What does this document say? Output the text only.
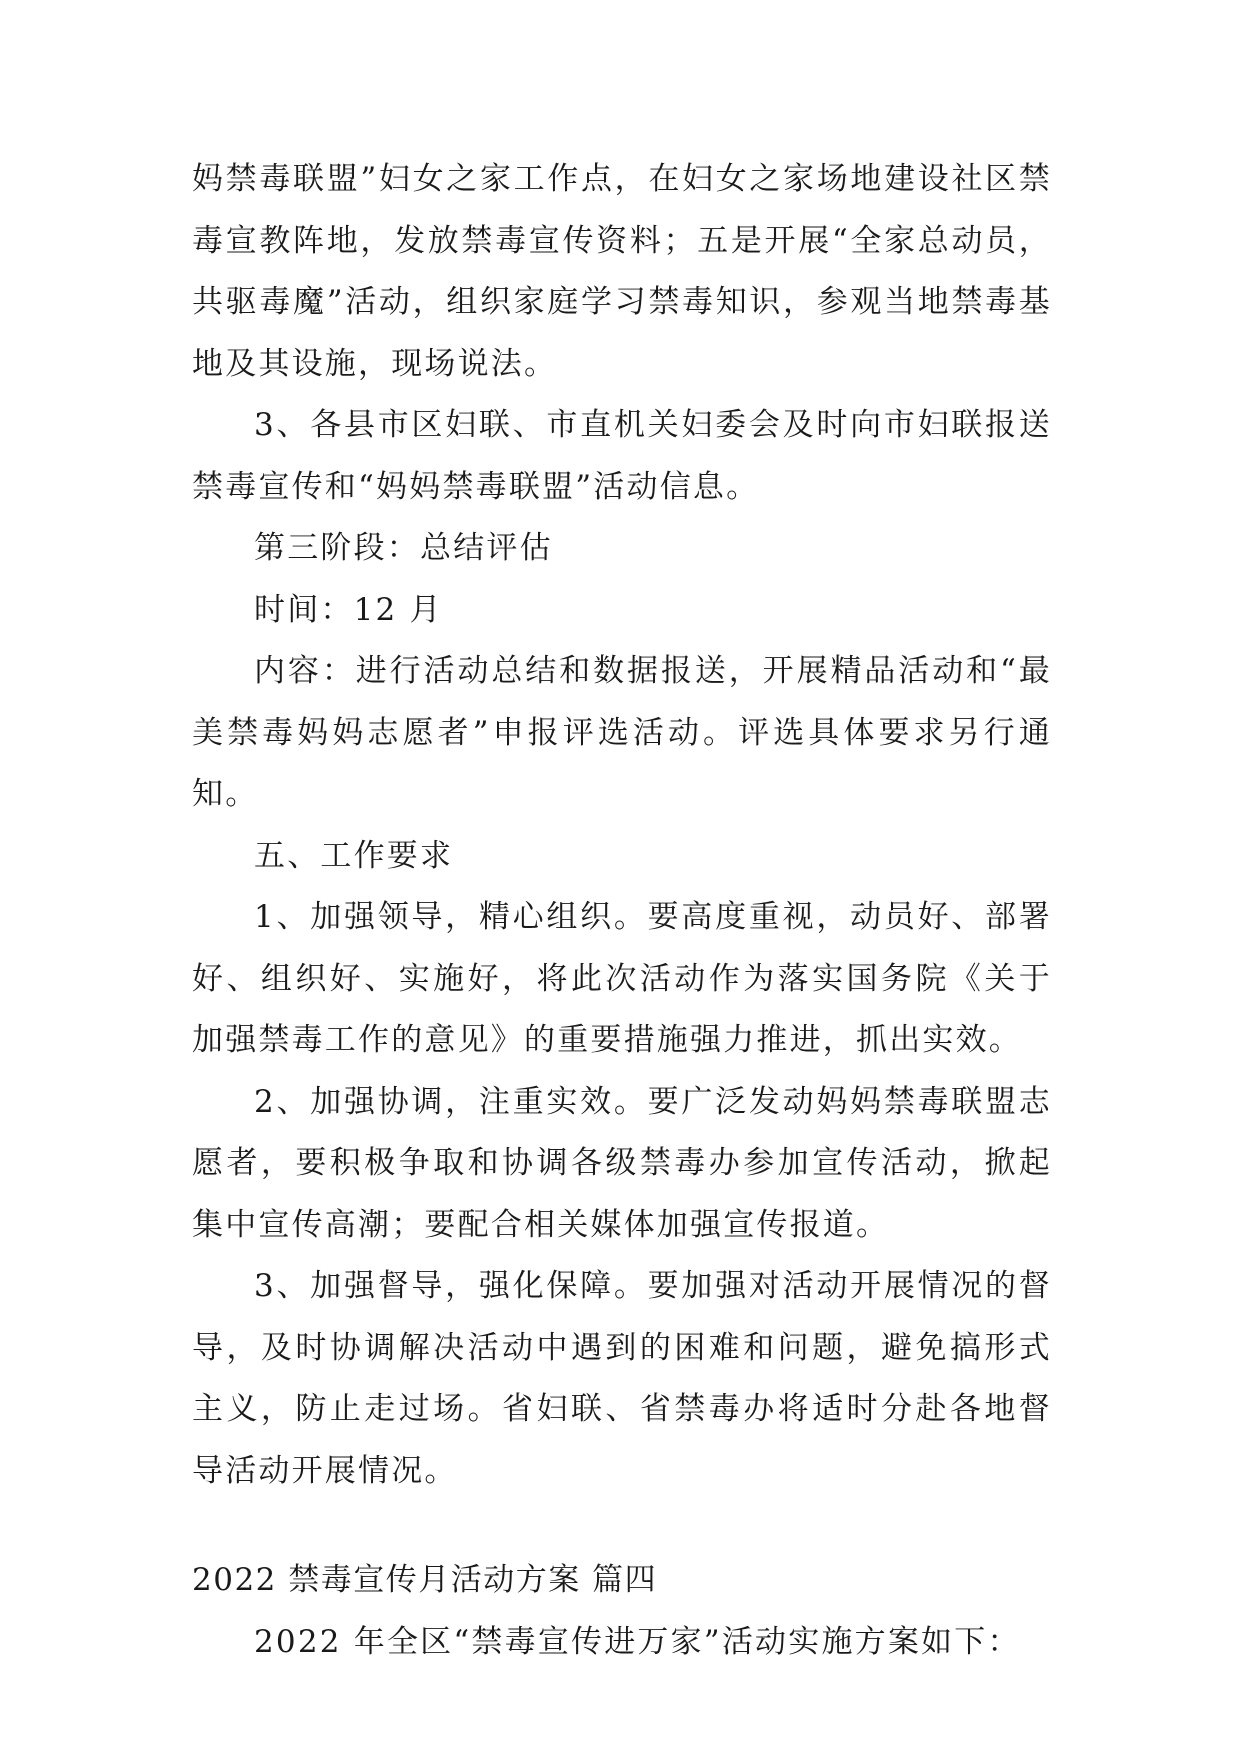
妈禁毒联盟”妇女之家工作点，在妇女之家场地建设社区禁毒宣教阵地，发放禁毒宣传资料；五是开展“全家总动员，共驱毒魔”活动，组织家庭学习禁毒知识，参观当地禁毒基地及其设施，现场说法。

3、各县市区妇联、市直机关妇委会及时向市妇联报送禁毒宣传和“妈妈禁毒联盟”活动信息。

第三阶段：总结评估

时间：12 月

内容：进行活动总结和数据报送，开展精品活动和“最美禁毒妈妈志愿者”申报评选活动。评选具体要求另行通知。

五、工作要求

1、加强领导，精心组织。要高度重视，动员好、部署好、组织好、实施好，将此次活动作为落实国务院《关于加强禁毒工作的意见》的重要措施强力推进，抓出实效。

2、加强协调，注重实效。要广泛发动妈妈禁毒联盟志愿者，要积极争取和协调各级禁毒办参加宣传活动，掀起集中宣传高潮；要配合相关媒体加强宣传报道。

3、加强督导，强化保障。要加强对活动开展情况的督导，及时协调解决活动中遇到的困难和问题，避免搞形式主义，防止走过场。省妇联、省禁毒办将适时分赴各地督导活动开展情况。

2022 禁毒宣传月活动方案 篇四

2022 年全区“禁毒宣传进万家”活动实施方案如下：
